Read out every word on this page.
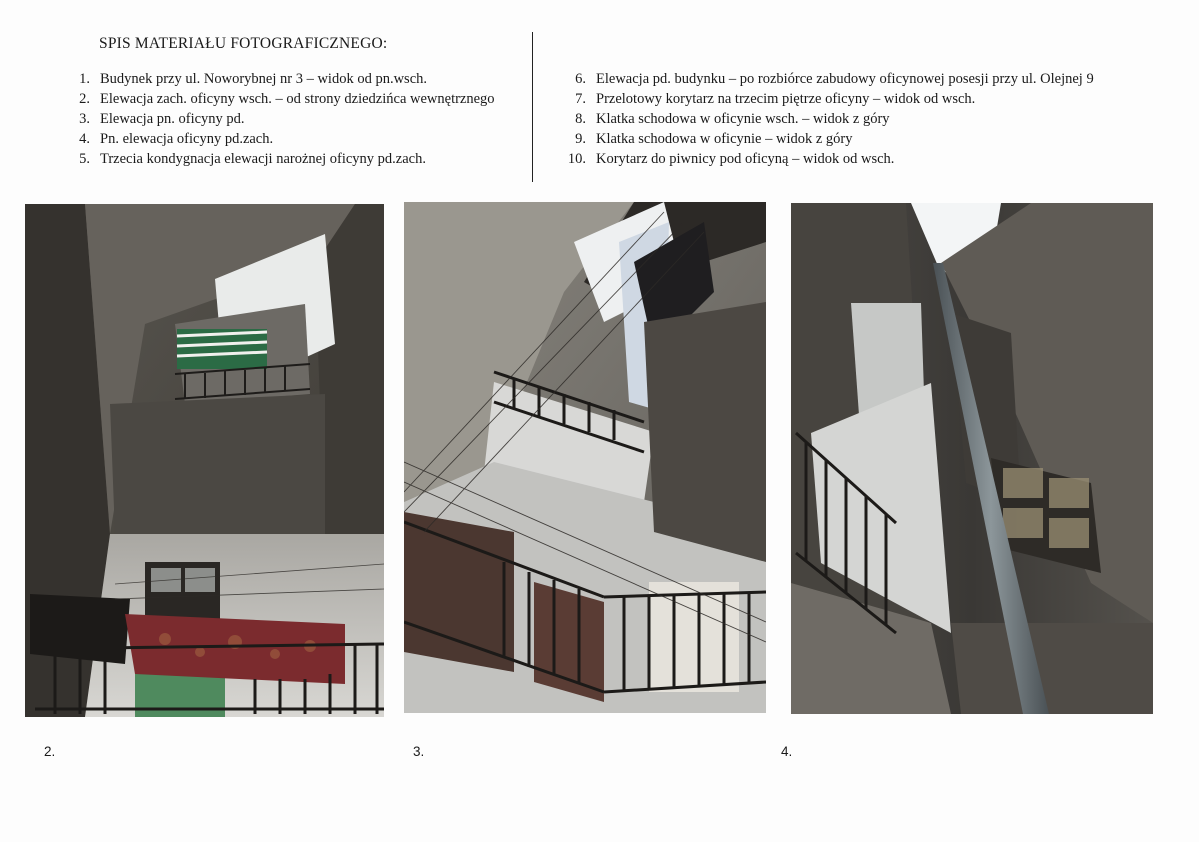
SPIS MATERIAŁU FOTOGRAFICZNEGO:
1. Budynek przy ul. Noworybnej nr 3 – widok od pn.wsch.
2. Elewacja zach. oficyny wsch. – od strony dziedzińca wewnętrznego
3. Elewacja pn. oficyny pd.
4. Pn. elewacja oficyny pd.zach.
5. Trzecia kondygnacja elewacji narożnej oficyny pd.zach.
6. Elewacja pd. budynku – po rozbiórce zabudowy oficynowej posesji przy ul. Olejnej 9
7. Przelotowy korytarz na trzecim piętrze oficyny – widok od wsch.
8. Klatka schodowa w oficynie wsch. – widok z góry
9. Klatka schodowa w oficynie – widok z góry
10. Korytarz do piwnicy pod oficyną – widok od wsch.
2.	3.	4.
